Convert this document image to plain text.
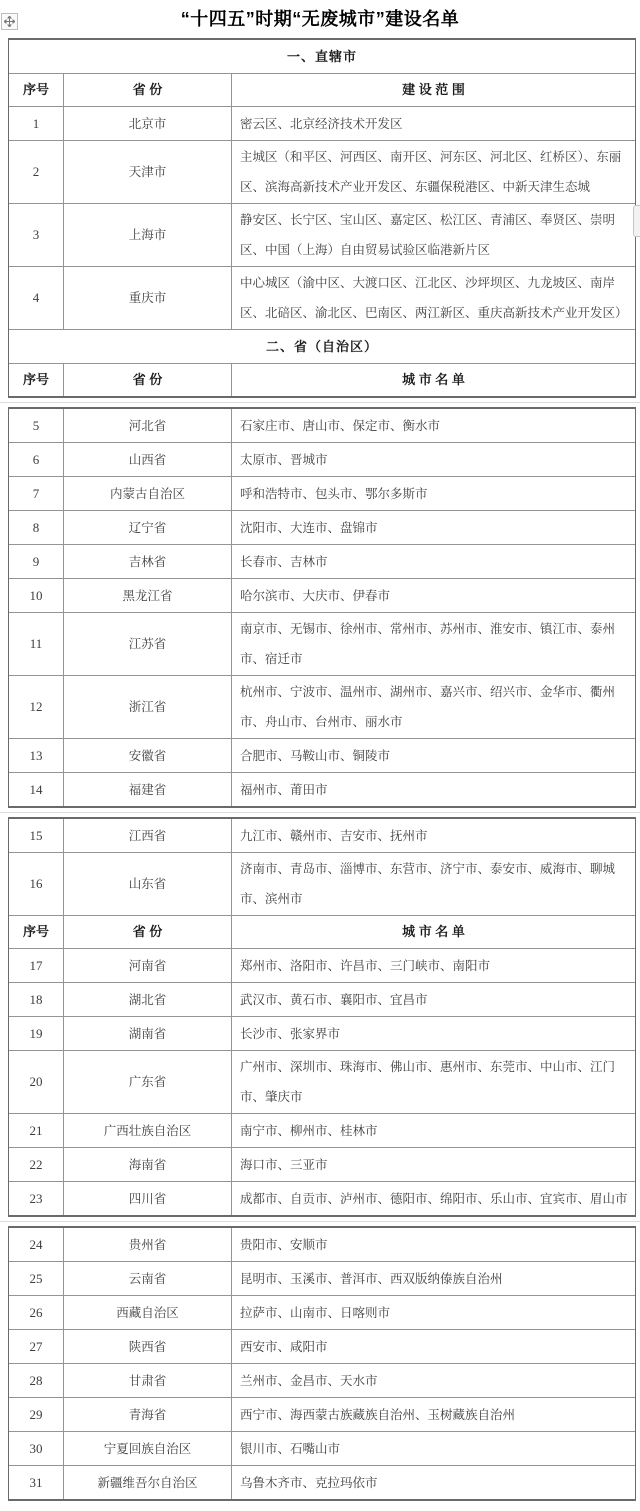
“十四五”时期“无废城市”建设名单
一、直辖市
序号	省 份	建 设 范 围
1	北京市	密云区、北京经济技术开发区
2	天津市
主城区（和平区、河西区、南开区、河东区、河北区、红桥区）、东丽区、滨海高新技术产业开发区、东疆保税港区、中新天津生态城
3	上海市
静安区、长宁区、宝山区、嘉定区、松江区、青浦区、奉贤区、崇明区、中国（上海）自由贸易试验区临港新片区
4	重庆市
中心城区（渝中区、大渡口区、江北区、沙坪坝区、九龙坡区、南岸区、北碚区、渝北区、巴南区、两江新区、重庆高新技术产业开发区）
二、省（自治区）
序号	省 份	城 市 名 单
5	河北省	石家庄市、唐山市、保定市、衡水市
6	山西省	太原市、晋城市
7	内蒙古自治区	呼和浩特市、包头市、鄂尔多斯市
8	辽宁省	沈阳市、大连市、盘锦市
9	吉林省	长春市、吉林市
10	黑龙江省	哈尔滨市、大庆市、伊春市
11	江苏省
南京市、无锡市、徐州市、常州市、苏州市、淮安市、镇江市、泰州市、宿迁市
12	浙江省
杭州市、宁波市、温州市、湖州市、嘉兴市、绍兴市、金华市、衢州市、舟山市、台州市、丽水市
13	安徽省	合肥市、马鞍山市、铜陵市
14	福建省	福州市、莆田市
15	江西省	九江市、赣州市、吉安市、抚州市
16	山东省
济南市、青岛市、淄博市、东营市、济宁市、泰安市、威海市、聊城市、滨州市
序号	省 份	城 市 名 单
17	河南省	郑州市、洛阳市、许昌市、三门峡市、南阳市
18	湖北省	武汉市、黄石市、襄阳市、宜昌市
19	湖南省	长沙市、张家界市
20	广东省
广州市、深圳市、珠海市、佛山市、惠州市、东莞市、中山市、江门市、肇庆市
21	广西壮族自治区	南宁市、柳州市、桂林市
22	海南省	海口市、三亚市
23	四川省	成都市、自贡市、泸州市、德阳市、绵阳市、乐山市、宜宾市、眉山市
24	贵州省	贵阳市、安顺市
25	云南省	昆明市、玉溪市、普洱市、西双版纳傣族自治州
26	西藏自治区	拉萨市、山南市、日喀则市
27	陕西省	西安市、咸阳市
28	甘肃省	兰州市、金昌市、天水市
29	青海省	西宁市、海西蒙古族藏族自治州、玉树藏族自治州
30	宁夏回族自治区	银川市、石嘴山市
31	新疆维吾尔自治区	乌鲁木齐市、克拉玛依市
